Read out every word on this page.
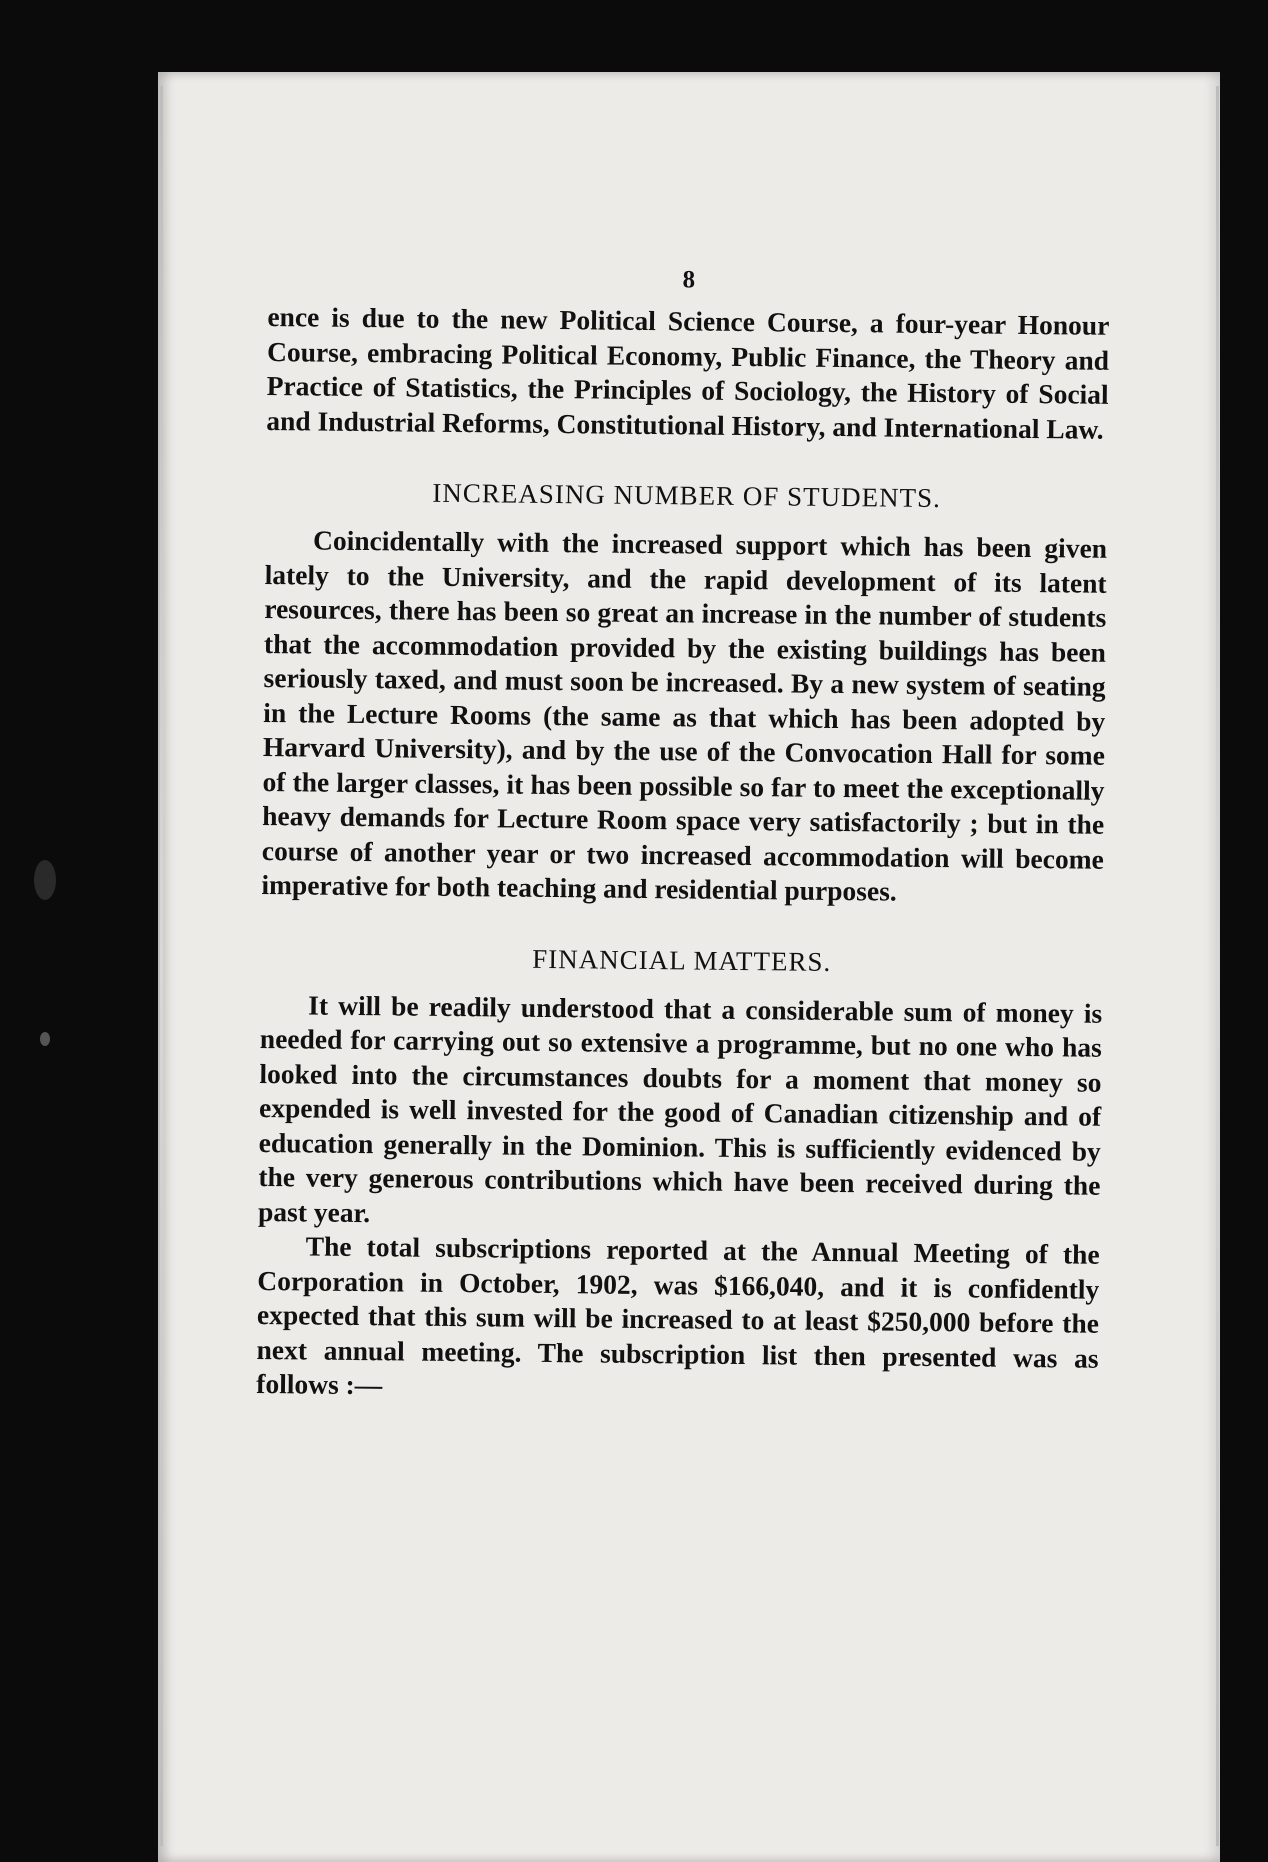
8

ence is due to the new Political Science Course, a four-year Honour Course, embracing Political Economy, Public Finance, the Theory and Practice of Statistics, the Principles of Sociology, the History of Social and Industrial Reforms, Constitutional History, and International Law.

INCREASING NUMBER OF STUDENTS.

Coincidentally with the increased support which has been given lately to the University, and the rapid development of its latent resources, there has been so great an increase in the number of students that the accommodation provided by the existing buildings has been seriously taxed, and must soon be increased. By a new system of seating in the Lecture Rooms (the same as that which has been adopted by Harvard University), and by the use of the Convocation Hall for some of the larger classes, it has been possible so far to meet the exceptionally heavy demands for Lecture Room space very satisfactorily ; but in the course of another year or two increased accommodation will become imperative for both teaching and residential purposes.

FINANCIAL MATTERS.

It will be readily understood that a considerable sum of money is needed for carrying out so extensive a programme, but no one who has looked into the circumstances doubts for a moment that money so expended is well invested for the good of Canadian citizenship and of education generally in the Dominion. This is sufficiently evidenced by the very generous contributions which have been received during the past year.

The total subscriptions reported at the Annual Meeting of the Corporation in October, 1902, was $166,040, and it is confidently expected that this sum will be increased to at least $250,000 before the next annual meeting. The subscription list then presented was as follows :—
